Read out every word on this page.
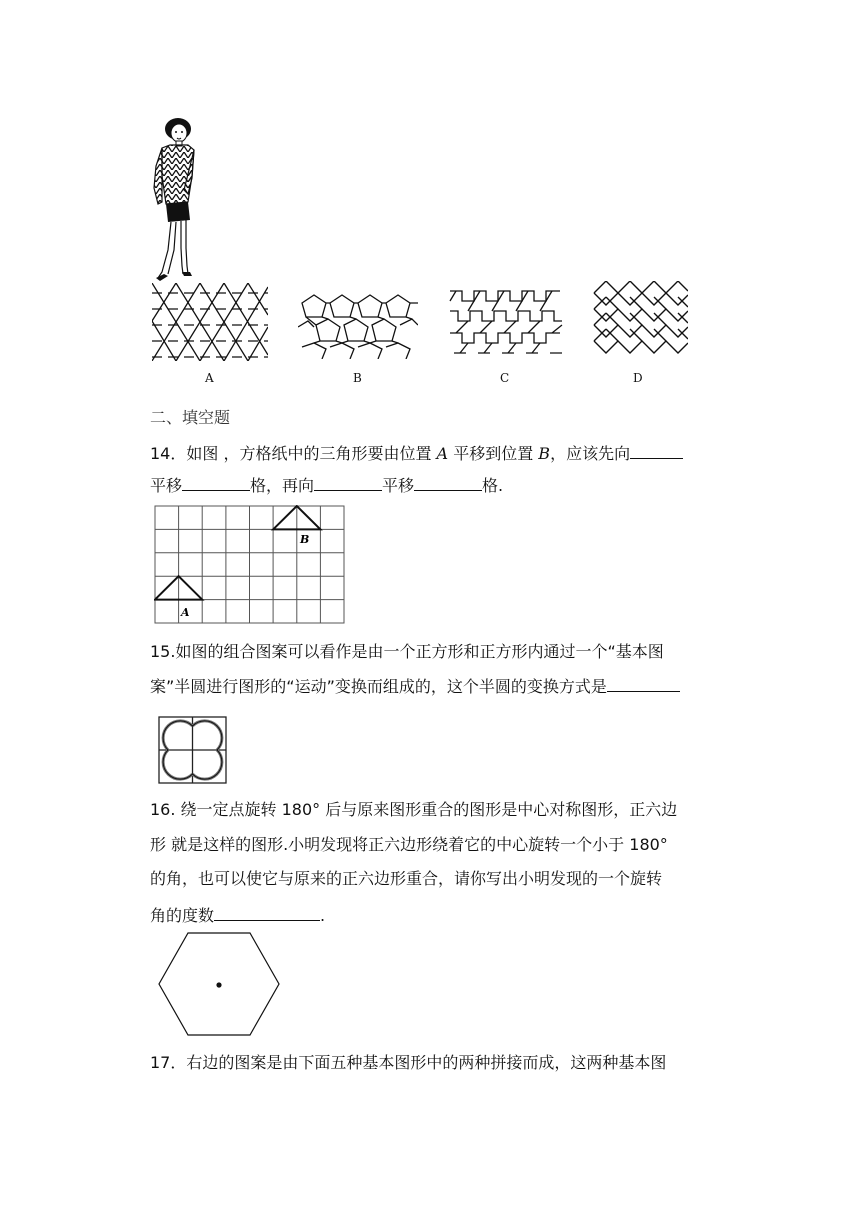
A	B	C	D
二、填空题
14．如图 ，方格纸中的三角形要由位置 A 平移到位置 B，应该先向
平移	格，再向	平移	格.
A
B
15.如图的组合图案可以看作是由一个正方形和正方形内通过一个“基本图
案”半圆进行图形的“运动”变换而组成的，这个半圆的变换方式是
16. 绕一定点旋转 180° 后与原来图形重合的图形是中心对称图形，正六边
形 就是这样的图形.小明发现将正六边形绕着它的中心旋转一个小于 180°
的角，也可以使它与原来的正六边形重合，请你写出小明发现的一个旋转
角的度数	.
17．右边的图案是由下面五种基本图形中的两种拼接而成，这两种基本图
